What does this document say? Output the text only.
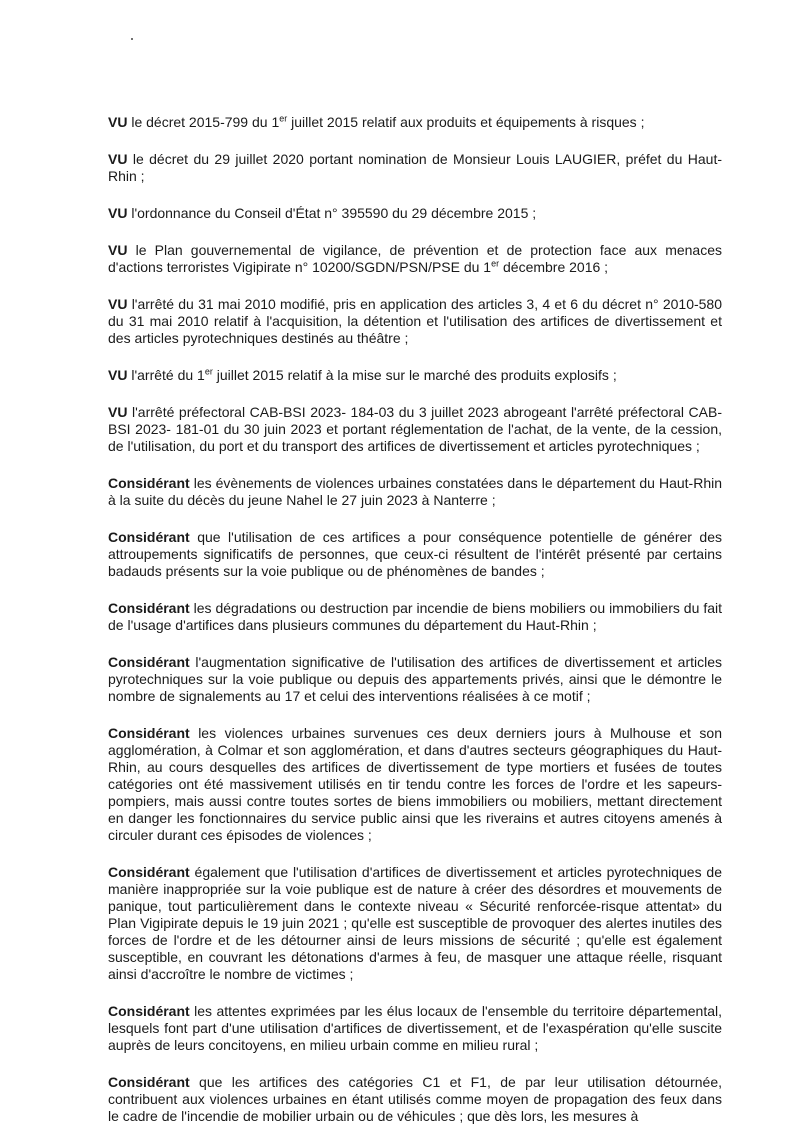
VU le décret 2015-799 du 1er juillet 2015 relatif aux produits et équipements à risques ;

VU le décret du 29 juillet 2020 portant nomination de Monsieur Louis LAUGIER, préfet du Haut-Rhin ;

VU l'ordonnance du Conseil d'État n° 395590 du 29 décembre 2015 ;

VU le Plan gouvernemental de vigilance, de prévention et de protection face aux menaces d'actions terroristes Vigipirate n° 10200/SGDN/PSN/PSE du 1er décembre 2016 ;

VU l'arrêté du 31 mai 2010 modifié, pris en application des articles 3, 4 et 6 du décret n° 2010-580 du 31 mai 2010 relatif à l'acquisition, la détention et l'utilisation des artifices de divertissement et des articles pyrotechniques destinés au théâtre ;

VU l'arrêté du 1er juillet 2015 relatif à la mise sur le marché des produits explosifs ;

VU l'arrêté préfectoral CAB-BSI 2023- 184-03 du 3 juillet 2023 abrogeant l'arrêté préfectoral CAB-BSI 2023- 181-01 du 30 juin 2023 et portant réglementation de l'achat, de la vente, de la cession, de l'utilisation, du port et du transport des artifices de divertissement et articles pyrotechniques ;

Considérant les évènements de violences urbaines constatées dans le département du Haut-Rhin à la suite du décès du jeune Nahel le 27 juin 2023 à Nanterre ;

Considérant que l'utilisation de ces artifices a pour conséquence potentielle de générer des attroupements significatifs de personnes, que ceux-ci résultent de l'intérêt présenté par certains badauds présents sur la voie publique ou de phénomènes de bandes ;

Considérant les dégradations ou destruction par incendie de biens mobiliers ou immobiliers du fait de l'usage d'artifices dans plusieurs communes du département du Haut-Rhin ;

Considérant l'augmentation significative de l'utilisation des artifices de divertissement et articles pyrotechniques sur la voie publique ou depuis des appartements privés, ainsi que le démontre le nombre de signalements au 17 et celui des interventions réalisées à ce motif ;

Considérant les violences urbaines survenues ces deux derniers jours à Mulhouse et son agglomération, à Colmar et son agglomération, et dans d'autres secteurs géographiques du Haut-Rhin, au cours desquelles des artifices de divertissement de type mortiers et fusées de toutes catégories ont été massivement utilisés en tir tendu contre les forces de l'ordre et les sapeurs-pompiers, mais aussi contre toutes sortes de biens immobiliers ou mobiliers, mettant directement en danger les fonctionnaires du service public ainsi que les riverains et autres citoyens amenés à circuler durant ces épisodes de violences ;

Considérant également que l'utilisation d'artifices de divertissement et articles pyrotechniques de manière inappropriée sur la voie publique est de nature à créer des désordres et mouvements de panique, tout particulièrement dans le contexte niveau « Sécurité renforcée-risque attentat» du Plan Vigipirate depuis le 19 juin 2021 ; qu'elle est susceptible de provoquer des alertes inutiles des forces de l'ordre et de les détourner ainsi de leurs missions de sécurité ; qu'elle est également susceptible, en couvrant les détonations d'armes à feu, de masquer une attaque réelle, risquant ainsi d'accroître le nombre de victimes ;

Considérant les attentes exprimées par les élus locaux de l'ensemble du territoire départemental, lesquels font part d'une utilisation d'artifices de divertissement, et de l'exaspération qu'elle suscite auprès de leurs concitoyens, en milieu urbain comme en milieu rural ;

Considérant que les artifices des catégories C1 et F1, de par leur utilisation détournée, contribuent aux violences urbaines en étant utilisés comme moyen de propagation des feux dans le cadre de l'incendie de mobilier urbain ou de véhicules ; que dès lors, les mesures à
